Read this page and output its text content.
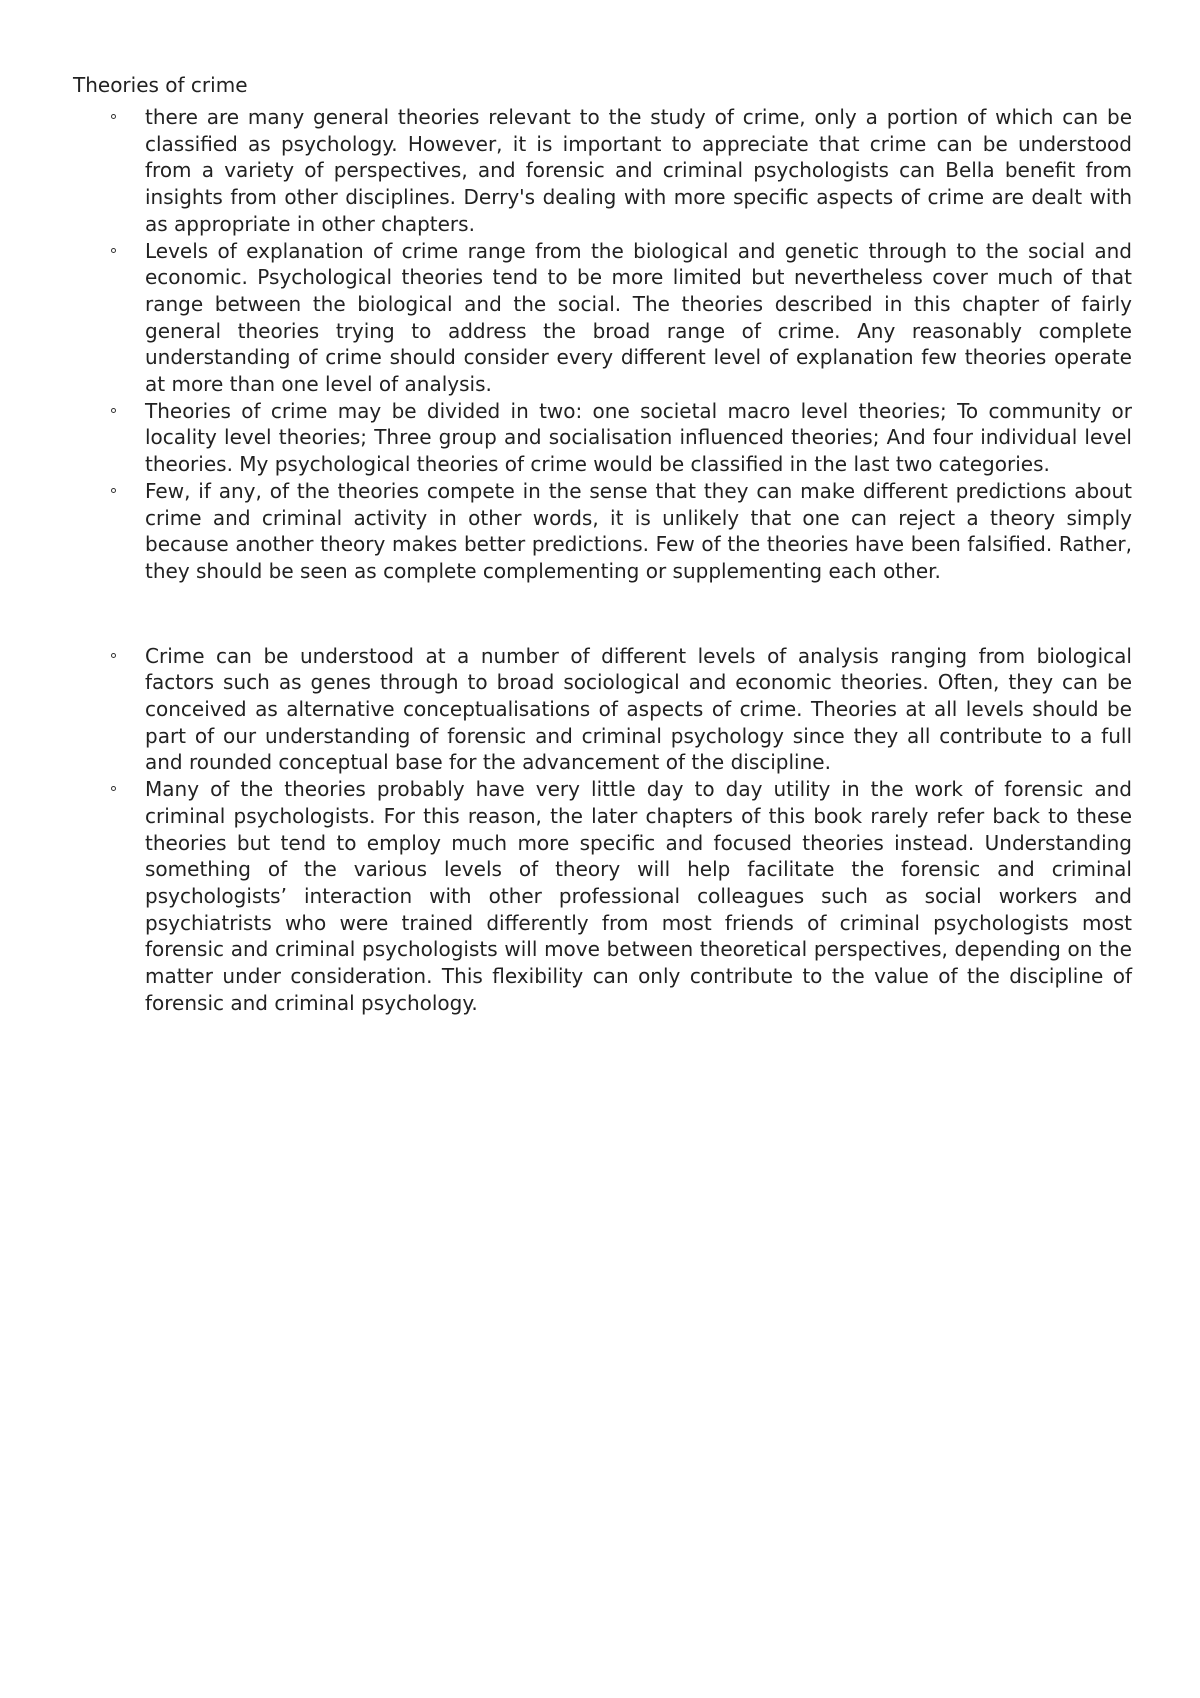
Theories of crime
there are many general theories relevant to the study of crime, only a portion of which can be classified as psychology. However, it is important to appreciate that crime can be understood from a variety of perspectives, and forensic and criminal psychologists can Bella benefit from insights from other disciplines. Derry's dealing with more specific aspects of crime are dealt with as appropriate in other chapters.
Levels of explanation of crime range from the biological and genetic through to the social and economic. Psychological theories tend to be more limited but nevertheless cover much of that range between the biological and the social. The theories described in this chapter of fairly general theories trying to address the broad range of crime. Any reasonably complete understanding of crime should consider every different level of explanation few theories operate at more than one level of analysis.
Theories of crime may be divided in two: one societal macro level theories; To community or locality level theories; Three group and socialisation influenced theories; And four individual level theories. My psychological theories of crime would be classified in the last two categories.
Few, if any, of the theories compete in the sense that they can make different predictions about crime and criminal activity in other words, it is unlikely that one can reject a theory simply because another theory makes better predictions. Few of the theories have been falsified. Rather, they should be seen as complete complementing or supplementing each other.
Crime can be understood at a number of different levels of analysis ranging from biological factors such as genes through to broad sociological and economic theories. Often, they can be conceived as alternative conceptualisations of aspects of crime. Theories at all levels should be part of our understanding of forensic and criminal psychology since they all contribute to a full and rounded conceptual base for the advancement of the discipline.
Many of the theories probably have very little day to day utility in the work of forensic and criminal psychologists. For this reason, the later chapters of this book rarely refer back to these theories but tend to employ much more specific and focused theories instead. Understanding something of the various levels of theory will help facilitate the forensic and criminal psychologists’ interaction with other professional colleagues such as social workers and psychiatrists who were trained differently from most friends of criminal psychologists most forensic and criminal psychologists will move between theoretical perspectives, depending on the matter under consideration. This flexibility can only contribute to the value of the discipline of forensic and criminal psychology.
